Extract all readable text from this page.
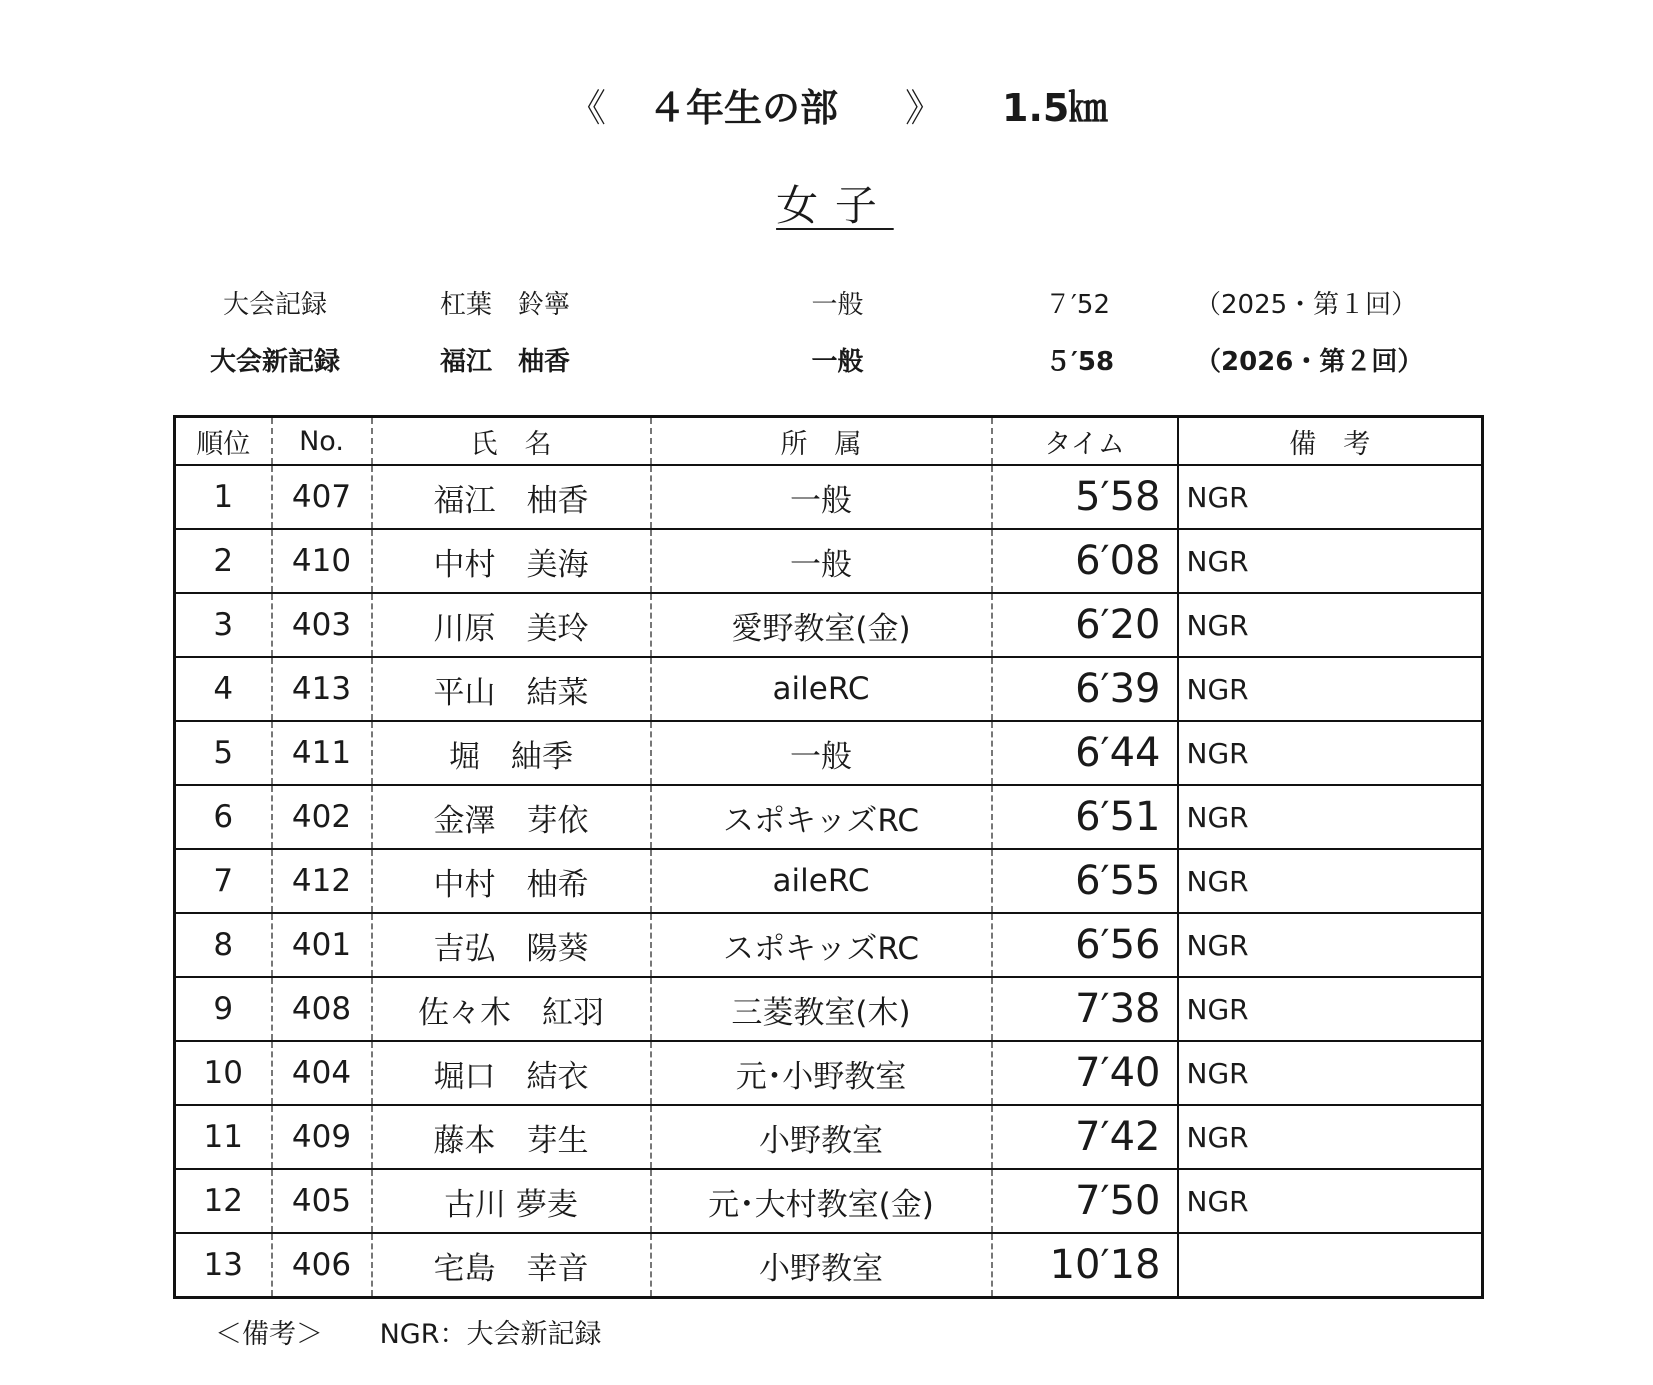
《 ４年生の部 》 1.5㎞
女子
大会記録	杠葉　鈴寧	一般	７′52	（2025・第１回）
大会新記録	福江　柚香	一般	５′58	（2026・第２回）
順位	No.	氏　名	所　属	タイム	備　考
1	407	福江　柚香	一般	5′58	NGR
2	410	中村　美海	一般	6′08	NGR
3	403	川原　美玲	愛野教室(金)	6′20	NGR
4	413	平山　結菜	aileRC	6′39	NGR
5	411	堀　紬季	一般	6′44	NGR
6	402	金澤　芽依	スポキッズRC	6′51	NGR
7	412	中村　柚希	aileRC	6′55	NGR
8	401	吉弘　陽葵	スポキッズRC	6′56	NGR
9	408	佐々木　紅羽	三菱教室(木)	7′38	NGR
10	404	堀口　結衣	元･小野教室	7′40	NGR
11	409	藤本　芽生	小野教室	7′42	NGR
12	405	古川 夢麦	元･大村教室(金)	7′50	NGR
13	406	宅島　幸音	小野教室	10′18	
＜備考＞ NGR：大会新記録
